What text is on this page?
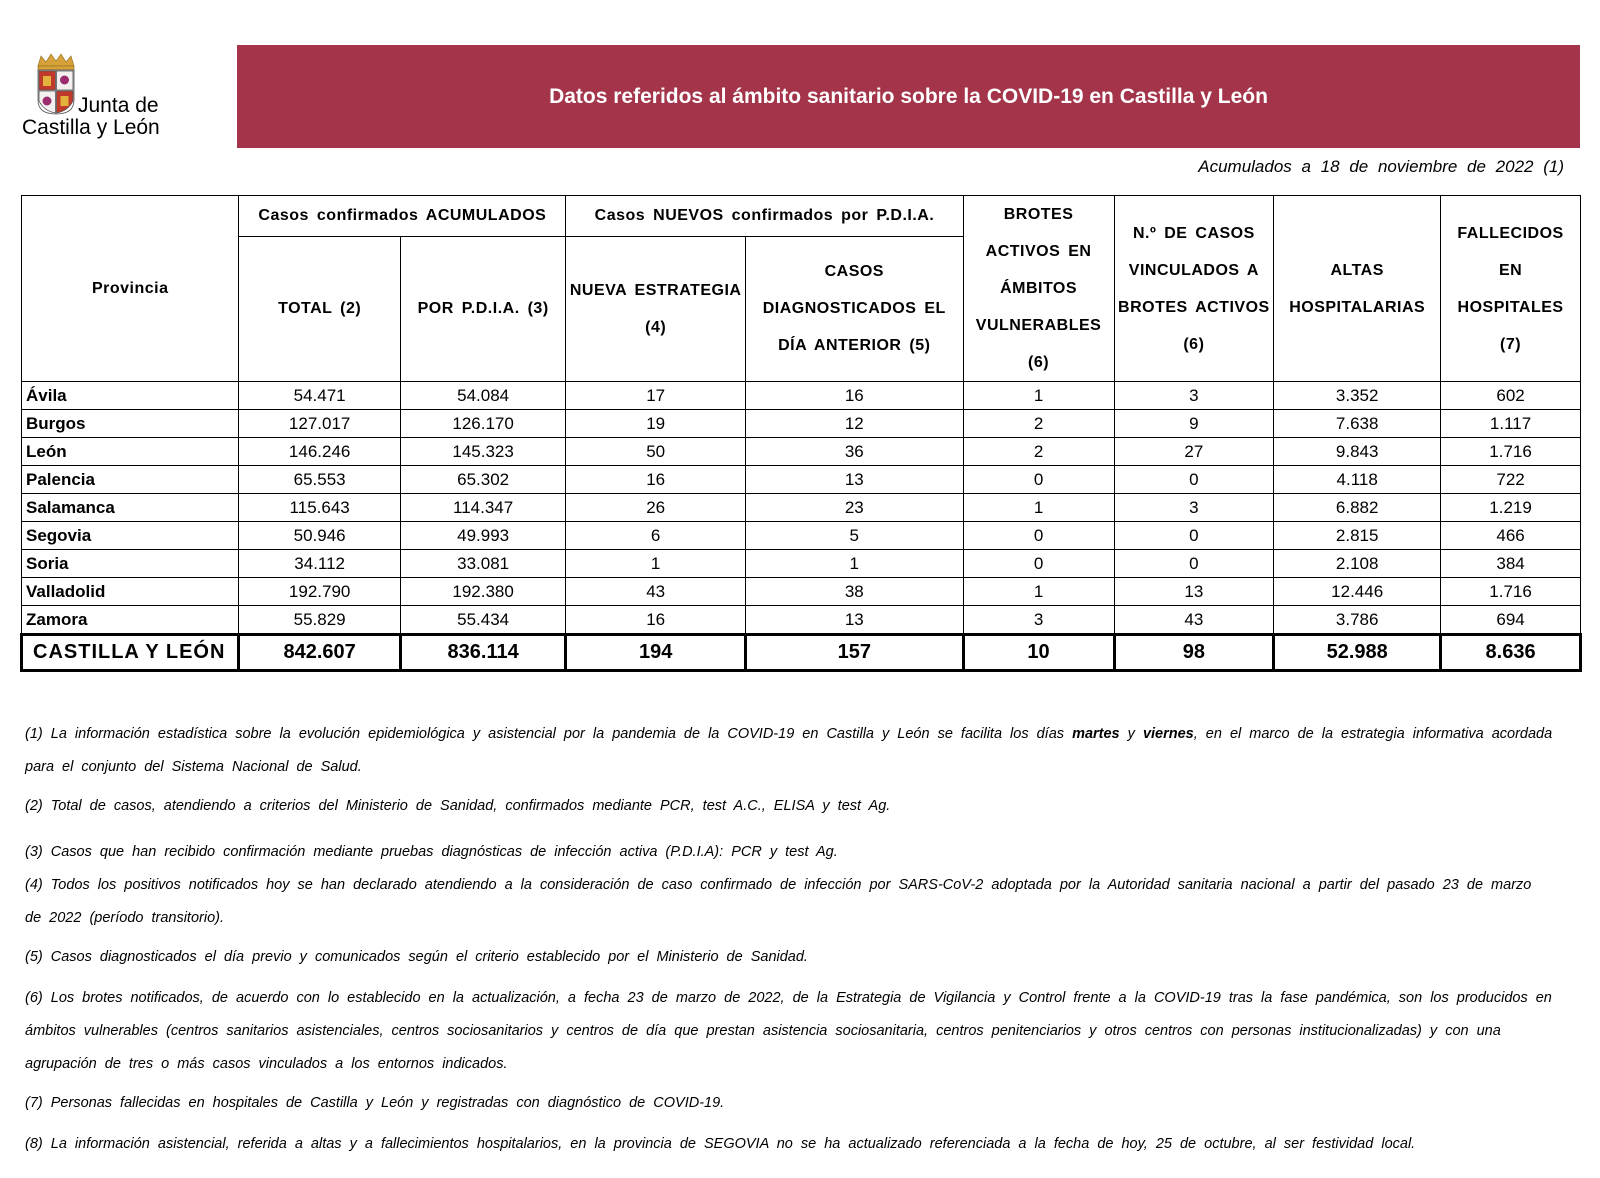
Junta de
Castilla y León
Datos referidos al ámbito sanitario sobre la COVID-19 en Castilla y León
Acumulados a 18 de noviembre de 2022 (1)
Provincia	Casos confirmados ACUMULADOS		Casos NUEVOS confirmados por P.D.I.A.		BROTES ACTIVOS EN ÁMBITOS VULNERABLES (6)	N.º DE CASOS VINCULADOS A BROTES ACTIVOS (6)	ALTAS HOSPITALARIAS	FALLECIDOS EN HOSPITALES (7)
	TOTAL (2)	POR P.D.I.A. (3)	NUEVA ESTRATEGIA (4)	CASOS DIAGNOSTICADOS EL DÍA ANTERIOR (5)				
Ávila	54.471	54.084	17	16	1	3	3.352	602
Burgos	127.017	126.170	19	12	2	9	7.638	1.117
León	146.246	145.323	50	36	2	27	9.843	1.716
Palencia	65.553	65.302	16	13	0	0	4.118	722
Salamanca	115.643	114.347	26	23	1	3	6.882	1.219
Segovia	50.946	49.993	6	5	0	0	2.815	466
Soria	34.112	33.081	1	1	0	0	2.108	384
Valladolid	192.790	192.380	43	38	1	13	12.446	1.716
Zamora	55.829	55.434	16	13	3	43	3.786	694
CASTILLA Y LEÓN	842.607	836.114	194	157	10	98	52.988	8.636

(1) La información estadística sobre la evolución epidemiológica y asistencial por la pandemia de la COVID-19 en Castilla y León se facilita los días martes y viernes, en el marco de la estrategia informativa acordada para el conjunto del Sistema Nacional de Salud.

(2) Total de casos, atendiendo a criterios del Ministerio de Sanidad, confirmados mediante PCR, test A.C., ELISA y test Ag.

(3) Casos que han recibido confirmación mediante pruebas diagnósticas de infección activa (P.D.I.A): PCR y test Ag.

(4) Todos los positivos notificados hoy se han declarado atendiendo a la consideración de caso confirmado de infección por SARS-CoV-2 adoptada por la Autoridad sanitaria nacional a partir del pasado 23 de marzo de 2022 (período transitorio).

(5) Casos diagnosticados el día previo y comunicados según el criterio establecido por el Ministerio de Sanidad.

(6) Los brotes notificados, de acuerdo con lo establecido en la actualización, a fecha 23 de marzo de 2022, de la Estrategia de Vigilancia y Control frente a la COVID-19 tras la fase pandémica, son los producidos en ámbitos vulnerables (centros sanitarios asistenciales, centros sociosanitarios y centros de día que prestan asistencia sociosanitaria, centros penitenciarios y otros centros con personas institucionalizadas) y con una agrupación de tres o más casos vinculados a los entornos indicados.

(7) Personas fallecidas en hospitales de Castilla y León y registradas con diagnóstico de COVID-19.

(8) La información asistencial, referida a altas y a fallecimientos hospitalarios, en la provincia de SEGOVIA no se ha actualizado referenciada a la fecha de hoy, 25 de octubre, al ser festividad local.
